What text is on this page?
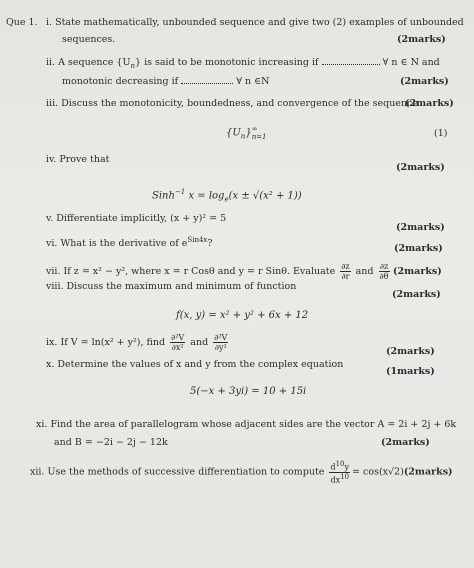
Que 1. i. State mathematically, unbounded sequence and give two (2) examples of unbounded
sequences.	(2marks)
ii. A sequence $\{U_n\}$ is said to be monotonic increasing if	∀ n ∈ N and
monotonic decreasing if	∀ n ∈N	(2marks)
iii. Discuss the monotonicity, boundedness, and convergence of the sequence
(2marks)
$\{U_n\}$ ∞
n=1	(1)
iv. Prove that
(2marks)
Sinh$^{-1}$ $x = \log_e(x \pm √(x^2 + 1))$
v. Differentiate implicitly, (x + y)² = 5
(2marks)
vi. What is the derivative of $e^{Sin4x}$?	(2marks)
vii. If z = x² − y², where x = r Cosθ and y = r Sinθ. Evaluate $\frac{\partial z}{\partial r}$ and $\frac{\partial z}{\partial\theta}$ (2marks)
viii. Discuss the maximum and minimum of function
(2marks)
f(x, y) = x² + y² + 6x + 12
ix. If V = ln(x² + y²), find $\frac{\text{∂²V}}{\text{∂x²}}$ and $\frac{\text{∂²V}}{\text{∂y²}}$	(2marks)
x. Determine the values of x and y from the complex equation
(1marks)
5(−x + 3yi) = 10 + 15i
xi. Find the area of parallelogram whose adjacent sides are the vector A = 2i + 2j + 6k
and B = −2i − 2j − 12k	(2marks)
xii. Use the methods of successive differentiation to compute $\frac{d^{10}y}{dx^{10}}$ = cos(x√2)(2marks)
